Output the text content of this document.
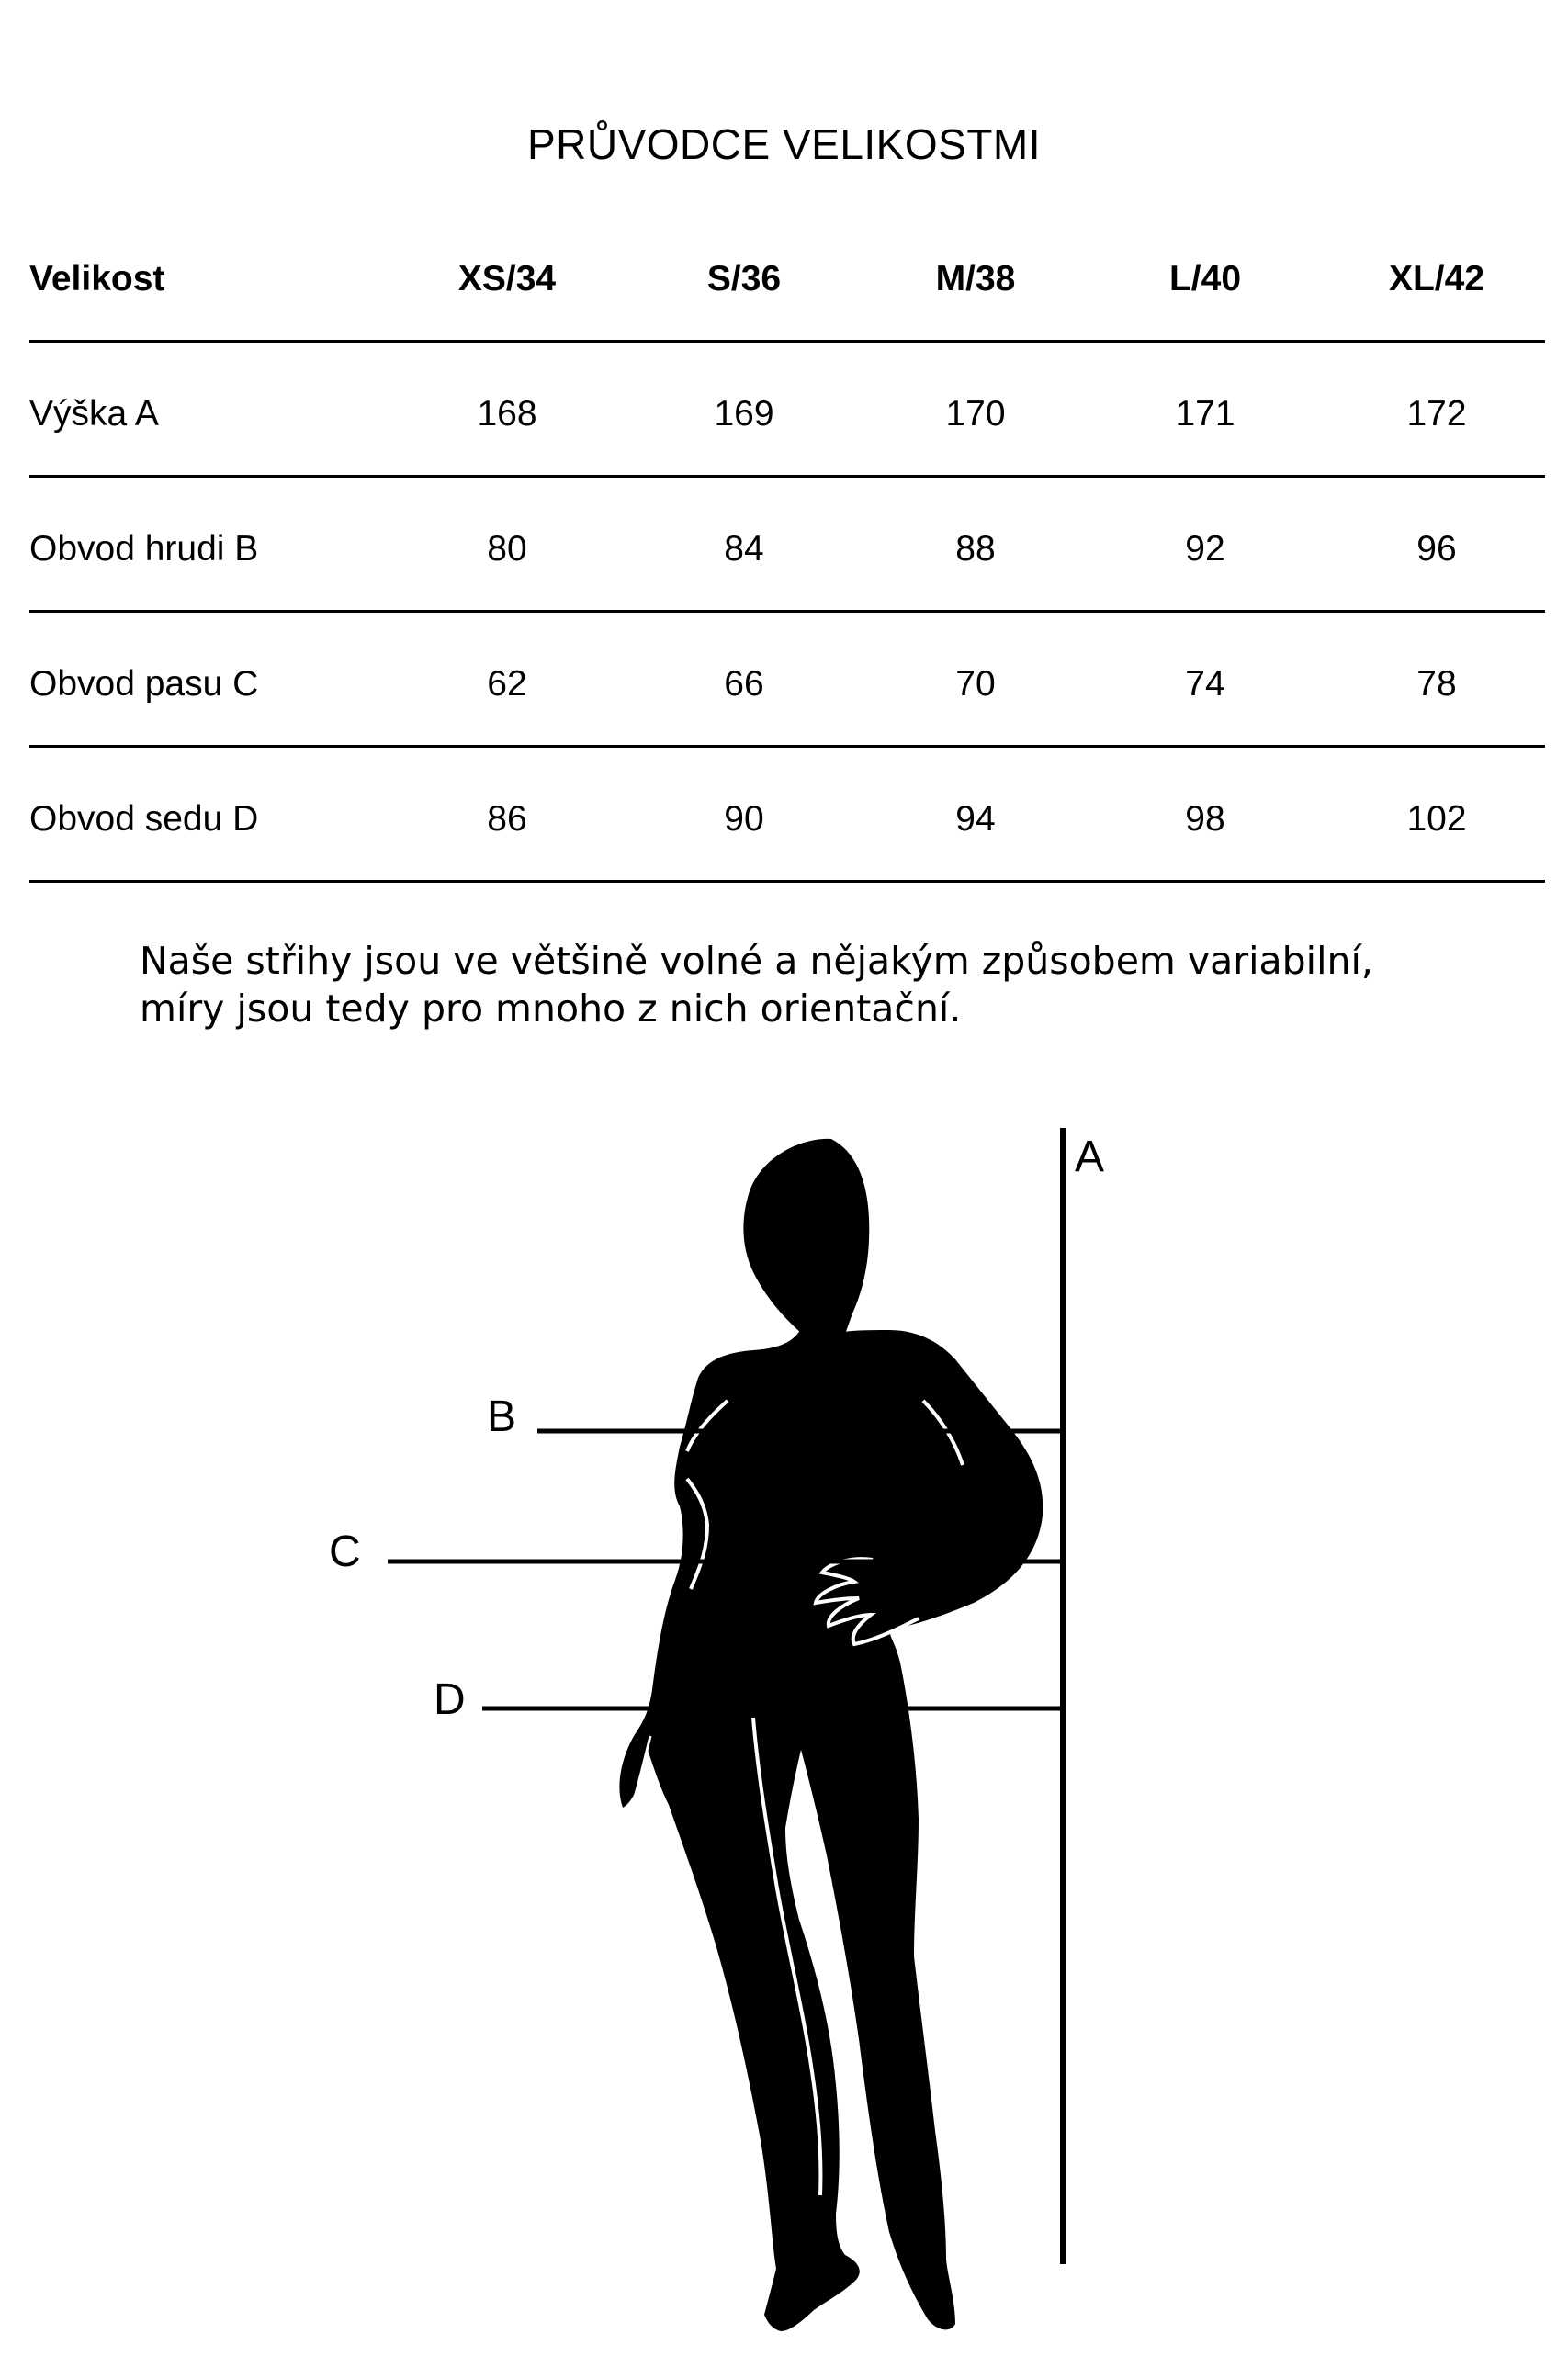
PRŮVODCE VELIKOSTMI
Velikost	XS/34	S/36	M/38	L/40	XL/42
Výška A	168	169	170	171	172
Obvod hrudi B	80	84	88	92	96
Obvod pasu C	62	66	70	74	78
Obvod sedu D	86	90	94	98	102
Naše střihy jsou ve většině volné a nějakým způsobem variabilní,
míry jsou tedy pro mnoho z nich orientační.
A
B
C
D
